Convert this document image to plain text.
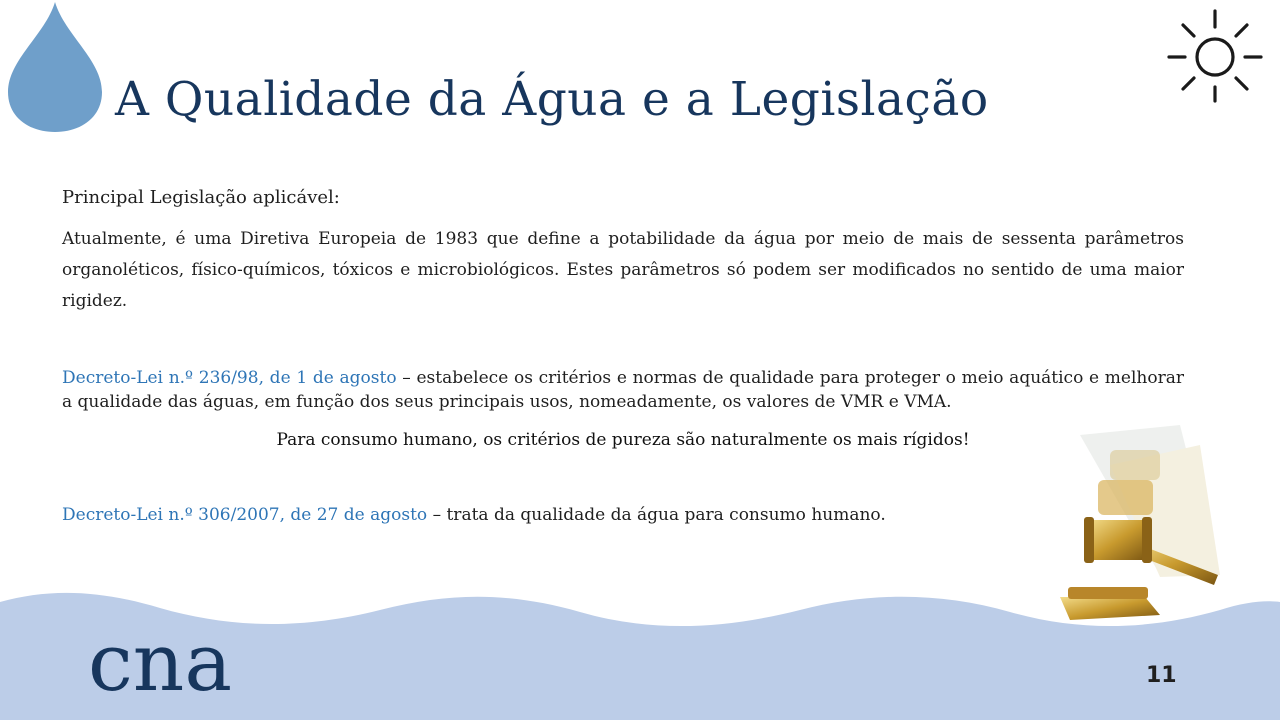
A Qualidade da Água e a Legislação

Principal Legislação aplicável:

Atualmente, é uma Diretiva Europeia de 1983 que define a potabilidade da água por meio de mais de sessenta parâmetros organoléticos, físico-químicos, tóxicos e microbiológicos. Estes parâmetros só podem ser modificados no sentido de uma maior rigidez.

Decreto-Lei n.º 236/98, de 1 de agosto – estabelece os critérios e normas de qualidade para proteger o meio aquático e melhorar a qualidade das águas, em função dos seus principais usos, nomeadamente, os valores de VMR e VMA.
Para consumo humano, os critérios de pureza são naturalmente os mais rígidos!
Decreto-Lei n.º 306/2007, de 27 de agosto – trata da qualidade da água para consumo humano.
cna	11
